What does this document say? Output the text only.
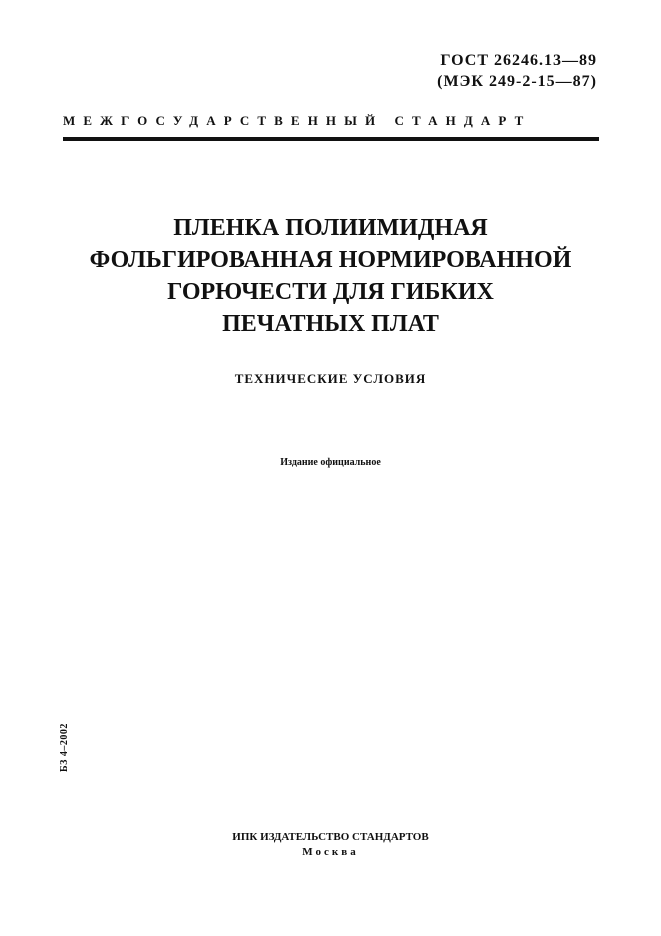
ГОСТ 26246.13—89
(МЭК 249-2-15—87)
МЕЖГОСУДАРСТВЕННЫЙ СТАНДАРТ
ПЛЕНКА ПОЛИИМИДНАЯ
ФОЛЬГИРОВАННАЯ НОРМИРОВАННОЙ
ГОРЮЧЕСТИ ДЛЯ ГИБКИХ
ПЕЧАТНЫХ ПЛАТ
ТЕХНИЧЕСКИЕ УСЛОВИЯ
Издание официальное
БЗ 4–2002
ИПК ИЗДАТЕЛЬСТВО СТАНДАРТОВ
Москва
